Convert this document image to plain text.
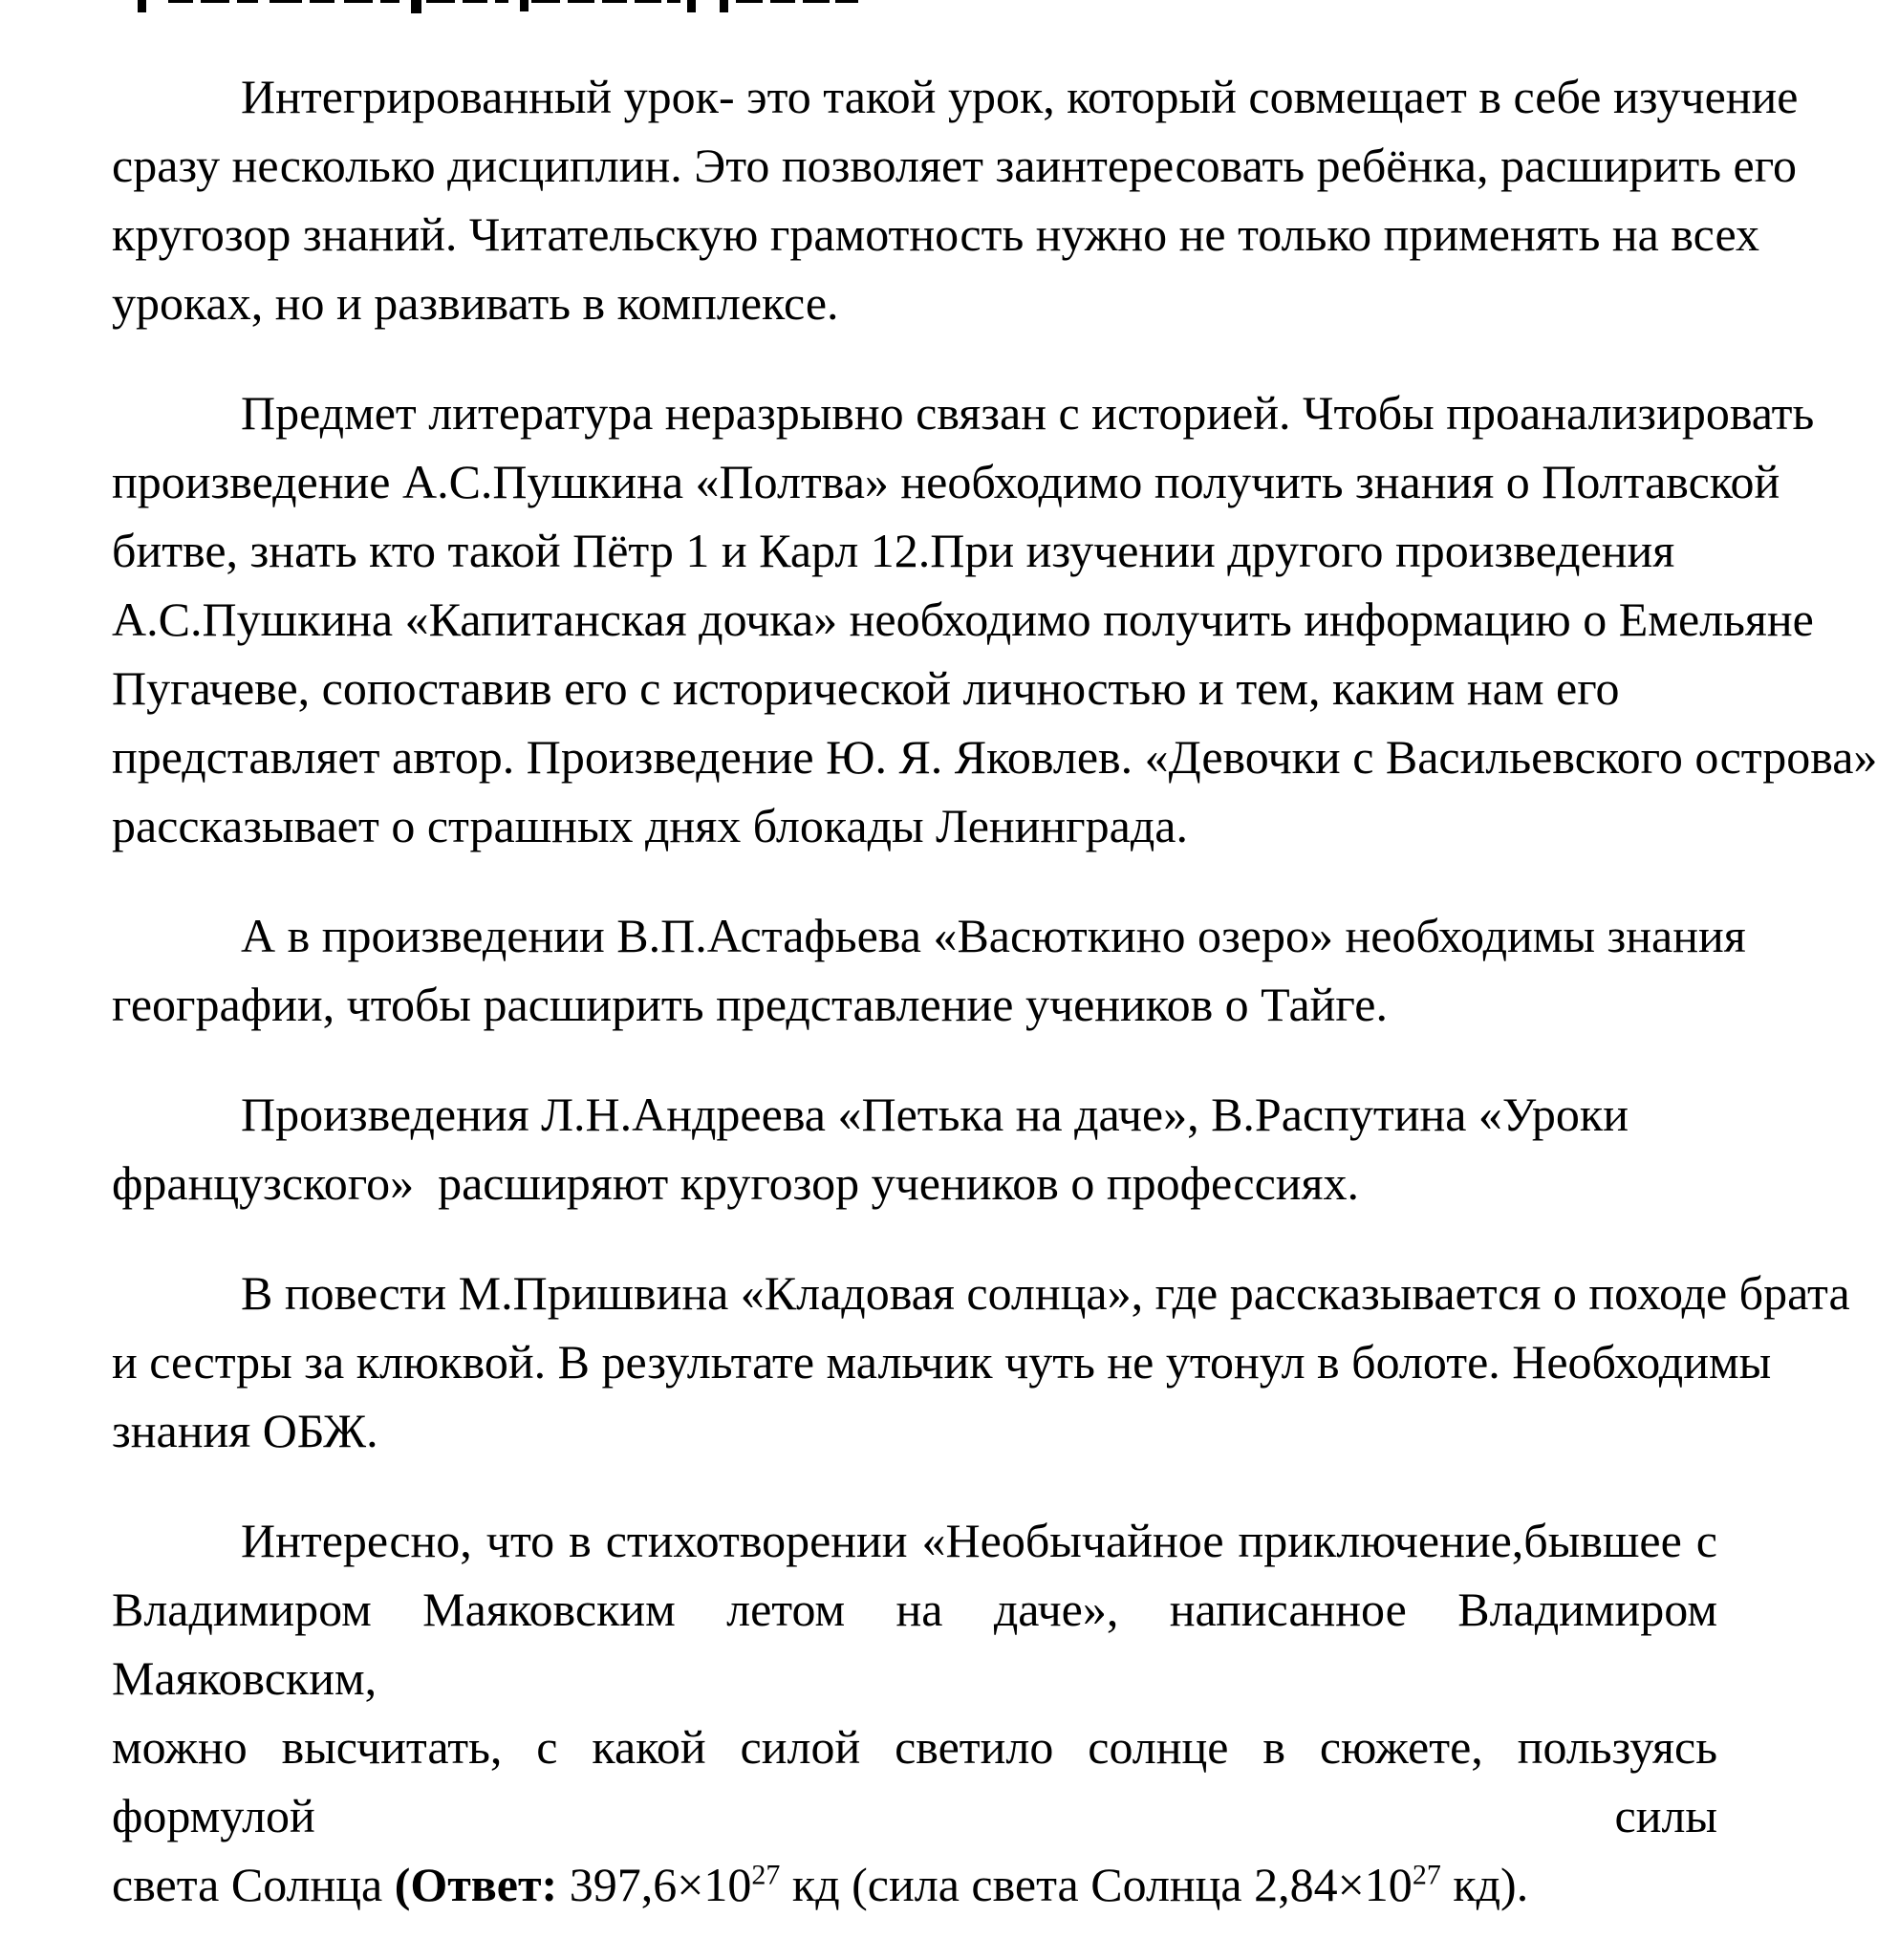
Интегрированный урок- это такой урок, который совмещает в себе изучение
сразу несколько дисциплин. Это позволяет заинтересовать ребёнка, расширить его
кругозор знаний. Читательскую грамотность нужно не только применять на всех
уроках, но и развивать в комплексе.
Предмет литература неразрывно связан с историей. Чтобы проанализировать
произведение А.С.Пушкина «Полтва» необходимо получить знания о Полтавской
битве, знать кто такой Пётр 1 и Карл 12.При изучении другого произведения
А.С.Пушкина «Капитанская дочка» необходимо получить информацию о Емельяне
Пугачеве, сопоставив его с исторической личностью и тем, каким нам его
представляет автор. Произведение Ю. Я. Яковлев. «Девочки с Васильевского острова»
рассказывает о страшных днях блокады Ленинграда.
А в произведении В.П.Астафьева «Васюткино озеро» необходимы знания
географии, чтобы расширить представление учеников о Тайге.
Произведения Л.Н.Андреева «Петька на даче», В.Распутина «Уроки
французского»  расширяют кругозор учеников о профессиях.
В повести М.Пришвина «Кладовая солнца», где рассказывается о походе брата
и сестры за клюквой. В результате мальчик чуть не утонул в болоте. Необходимы
знания ОБЖ.
Интересно, что в стихотворении «Необычайное приключение,бывшее с
Владимиром Маяковским летом на даче», написанное Владимиром Маяковским,
можно высчитать, с какой силой светило солнце в сюжете, пользуясь формулой силы
света Солнца (Ответ: $397,6\times 10^{27}$ кд (сила света Солнца $2,84\times 10^{27}$ кд).
